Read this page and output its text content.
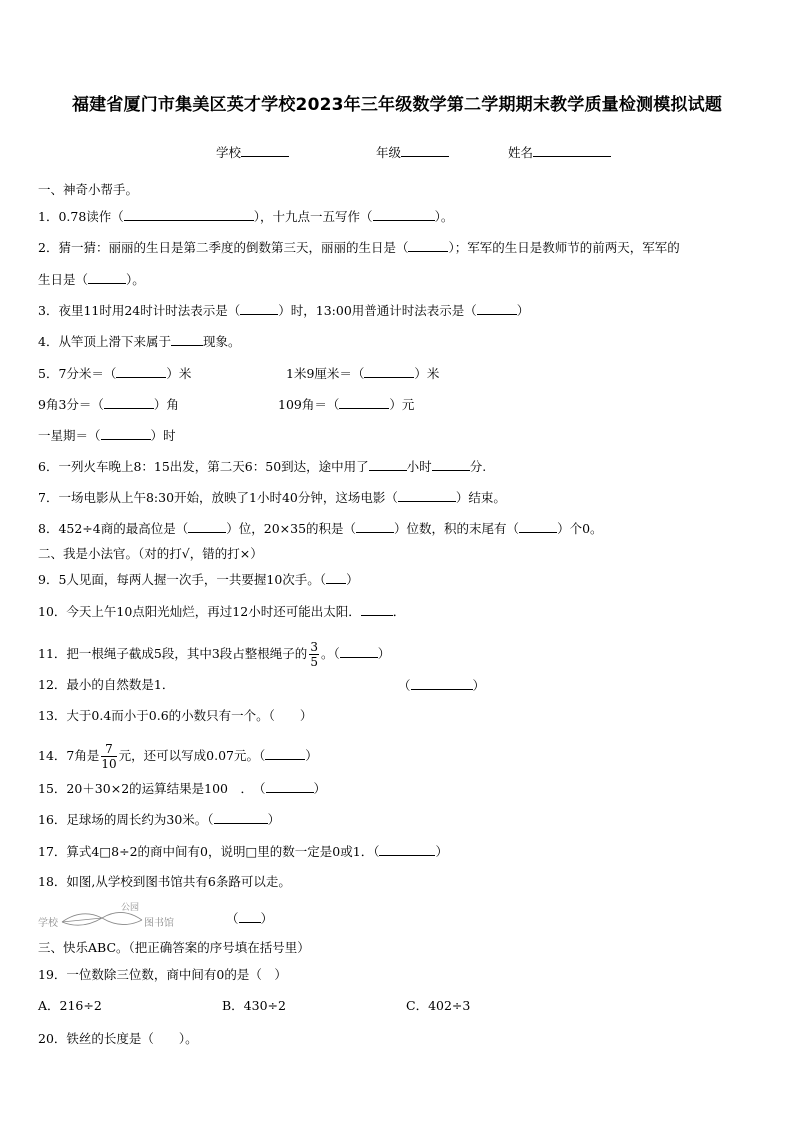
福建省厦门市集美区英才学校2023年三年级数学第二学期期末教学质量检测模拟试题
学校	年级	姓名
一、神奇小帮手。
1．0.78读作（	），十九点一五写作（	）。
2．猜一猜：丽丽的生日是第二季度的倒数第三天，丽丽的生日是（	）；军军的生日是教师节的前两天，军军的
生日是（	）。
3．夜里11时用24时计时法表示是（	）时，13:00用普通计时法表示是（	）
4．从竿顶上滑下来属于	现象。
5．7分米＝（	）米	1米9厘米＝（	）米
9角3分＝（	）角	109角＝（	）元
一星期＝（	）时
6．一列火车晚上8：15出发，第二天6：50到达，途中用了	小时	分.
7．一场电影从上午8:30开始，放映了1小时40分钟，这场电影（	）结束。
8．452÷4商的最高位是（	）位，20×35的积是（	）位数，积的末尾有（	）个0。
二、我是小法官。（对的打√，错的打×）
9．5人见面，每两人握一次手，一共要握10次手。（ ）
10．今天上午10点阳光灿烂，再过12小时还可能出太阳．	．
11．把一根绳子截成5段，其中3段占整根绳子的 $\frac{3}{5}$ 。（	）
12．最小的自然数是1．	（	）
13．大于0.4而小于0.6的小数只有一个。（　　）
14．7角是 $\frac{7}{10}$ 元，还可以写成0.07元。（	）
15．20＋30×2的运算结果是100　．　（	）
16．足球场的周长约为30米。（	）
17．算式4□8÷2的商中间有0，说明□里的数一定是0或1．（	）
18．如图,从学校到图书馆共有6条路可以走。
学校
公园
图书馆	（ ）
三、快乐ABC。（把正确答案的序号填在括号里）
19．一位数除三位数，商中间有0的是（　）
A．216÷2	B．430÷2	C．402÷3
20．铁丝的长度是（　　）。
